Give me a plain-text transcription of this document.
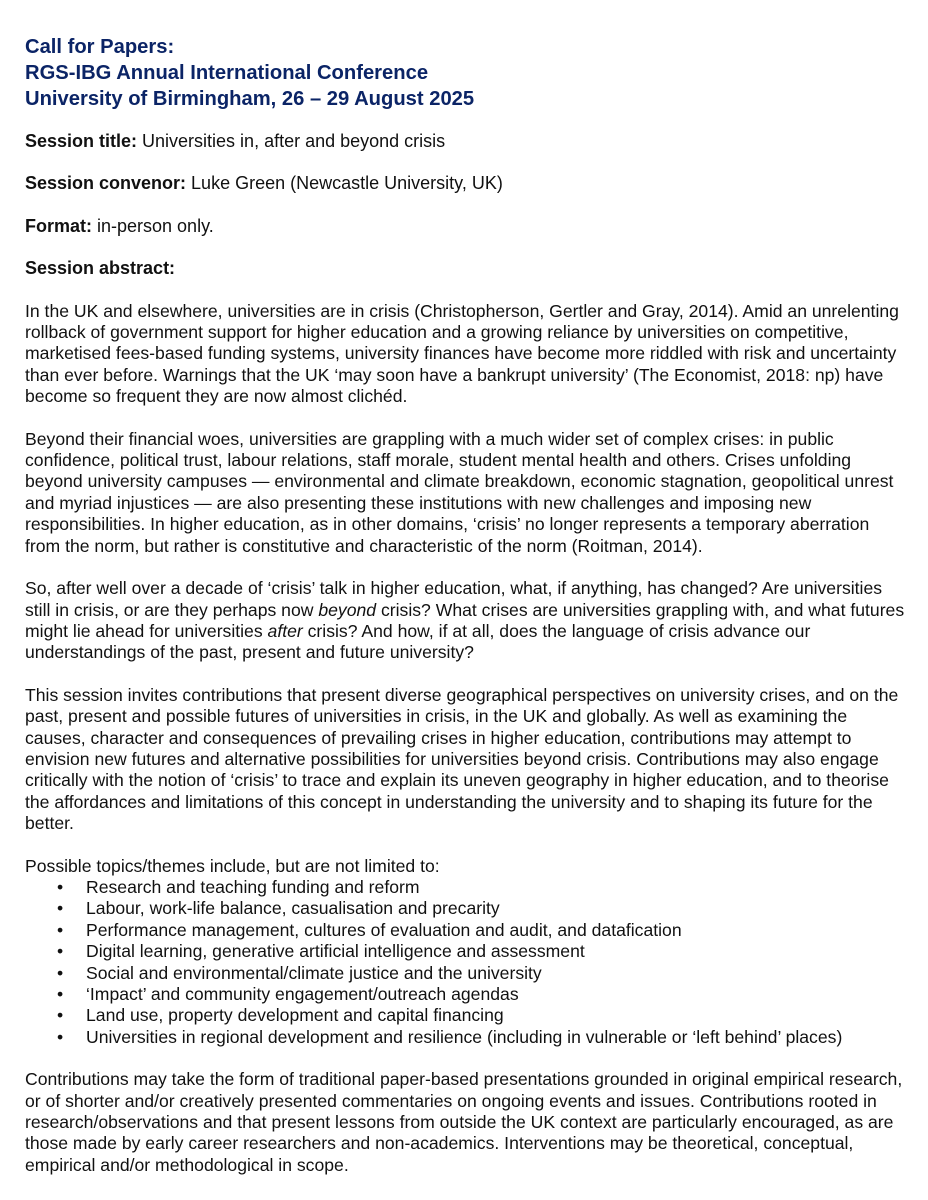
Call for Papers:
RGS-IBG Annual International Conference
University of Birmingham, 26 – 29 August 2025

Session title: Universities in, after and beyond crisis

Session convenor: Luke Green (Newcastle University, UK)

Format: in-person only.

Session abstract:

In the UK and elsewhere, universities are in crisis (Christopherson, Gertler and Gray, 2014). Amid an unrelenting rollback of government support for higher education and a growing reliance by universities on competitive, marketised fees-based funding systems, university finances have become more riddled with risk and uncertainty than ever before. Warnings that the UK ‘may soon have a bankrupt university’ (The Economist, 2018: np) have become so frequent they are now almost clichéd.

Beyond their financial woes, universities are grappling with a much wider set of complex crises: in public confidence, political trust, labour relations, staff morale, student mental health and others. Crises unfolding beyond university campuses — environmental and climate breakdown, economic stagnation, geopolitical unrest and myriad injustices — are also presenting these institutions with new challenges and imposing new responsibilities. In higher education, as in other domains, ‘crisis’ no longer represents a temporary aberration from the norm, but rather is constitutive and characteristic of the norm (Roitman, 2014).

So, after well over a decade of ‘crisis’ talk in higher education, what, if anything, has changed? Are universities still in crisis, or are they perhaps now beyond crisis? What crises are universities grappling with, and what futures might lie ahead for universities after crisis? And how, if at all, does the language of crisis advance our understandings of the past, present and future university?

This session invites contributions that present diverse geographical perspectives on university crises, and on the past, present and possible futures of universities in crisis, in the UK and globally. As well as examining the causes, character and consequences of prevailing crises in higher education, contributions may attempt to envision new futures and alternative possibilities for universities beyond crisis. Contributions may also engage critically with the notion of ‘crisis’ to trace and explain its uneven geography in higher education, and to theorise the affordances and limitations of this concept in understanding the university and to shaping its future for the better.

Possible topics/themes include, but are not limited to:

• Research and teaching funding and reform
• Labour, work-life balance, casualisation and precarity
• Performance management, cultures of evaluation and audit, and datafication
• Digital learning, generative artificial intelligence and assessment
• Social and environmental/climate justice and the university
• ‘Impact’ and community engagement/outreach agendas
• Land use, property development and capital financing
• Universities in regional development and resilience (including in vulnerable or ‘left behind’ places)

Contributions may take the form of traditional paper-based presentations grounded in original empirical research, or of shorter and/or creatively presented commentaries on ongoing events and issues. Contributions rooted in research/observations and that present lessons from outside the UK context are particularly encouraged, as are those made by early career researchers and non-academics. Interventions may be theoretical, conceptual, empirical and/or methodological in scope.
